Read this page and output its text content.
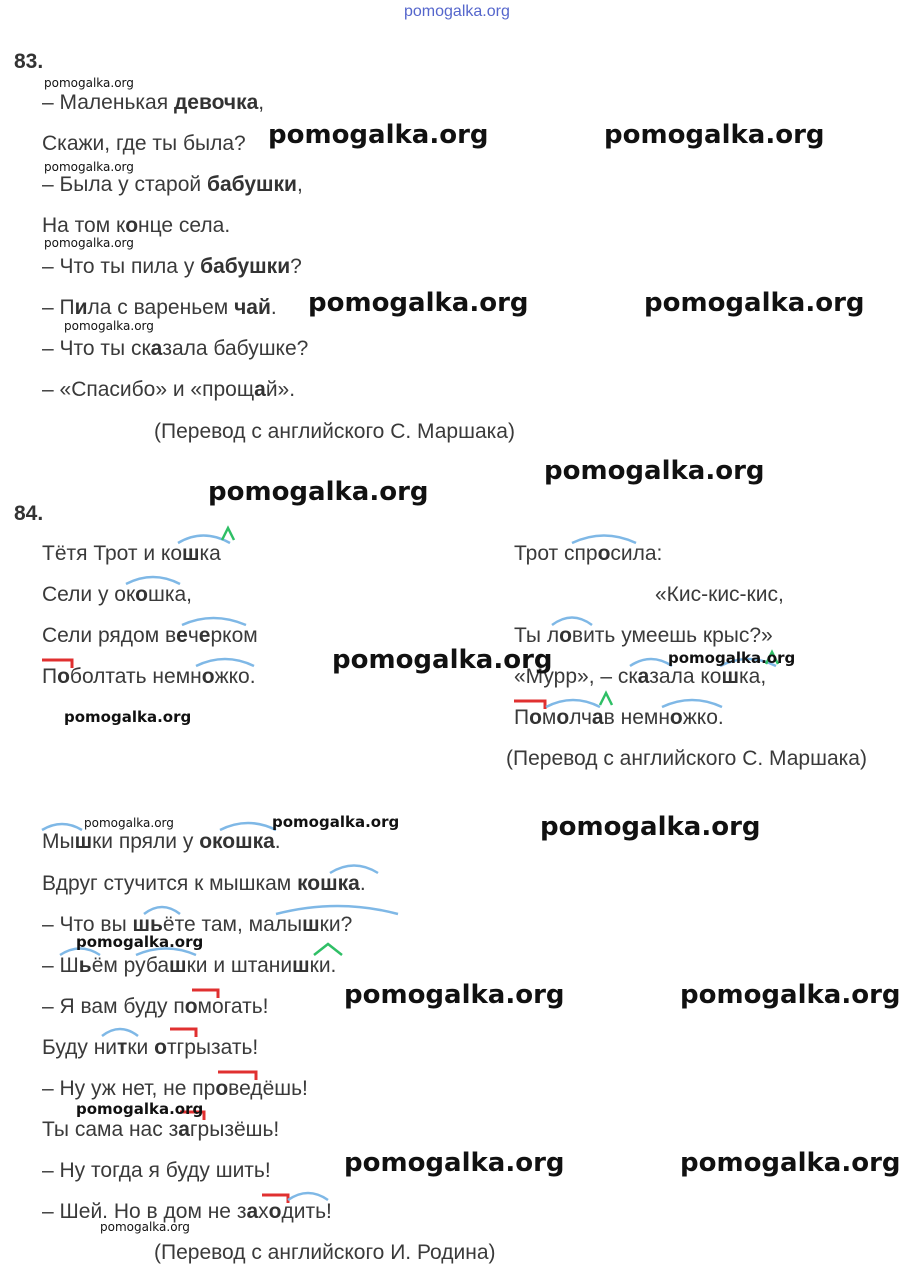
pomogalka.org
83.
– Маленькая девочка,
Скажи, где ты была?
– Была у старой бабушки,
На том конце села.
– Что ты пила у бабушки?
– Пила с вареньем чай.
– Что ты сказала бабушке?
– «Спасибо» и «прощай».
(Перевод с английского С. Маршака)
84.
Тётя Трот и кошка
Сели у окошка,
Сели рядом вечерком
Поболтать немножко.
Трот спросила:
«Кис-кис-кис,
Ты ловить умеешь крыс?»
«Мурр», – сказала кошка,
Помолчав немножко.
(Перевод с английского С. Маршака)
Мышки пряли у окошка.
Вдруг стучится к мышкам кошка.
– Что вы шьёте там, малышки?
– Шьём рубашки и штанишки.
– Я вам буду помогать!
Буду нитки отгрызать!
– Ну уж нет, не проведёшь!
Ты сама нас загрызёшь!
– Ну тогда я буду шить!
– Шей. Но в дом не заходить!
(Перевод с английского И. Родина)
pomogalka.org
pomogalka.org	pomogalka.org
pomogalka.org
pomogalka.org
pomogalka.org	pomogalka.org
pomogalka.org
pomogalka.org
pomogalka.org
pomogalka.org	pomogalka.org
pomogalka.org
pomogalka.org
pomogalka.org	pomogalka.org
pomogalka.org
pomogalka.org	pomogalka.org
pomogalka.org
pomogalka.org	pomogalka.org
pomogalka.org
